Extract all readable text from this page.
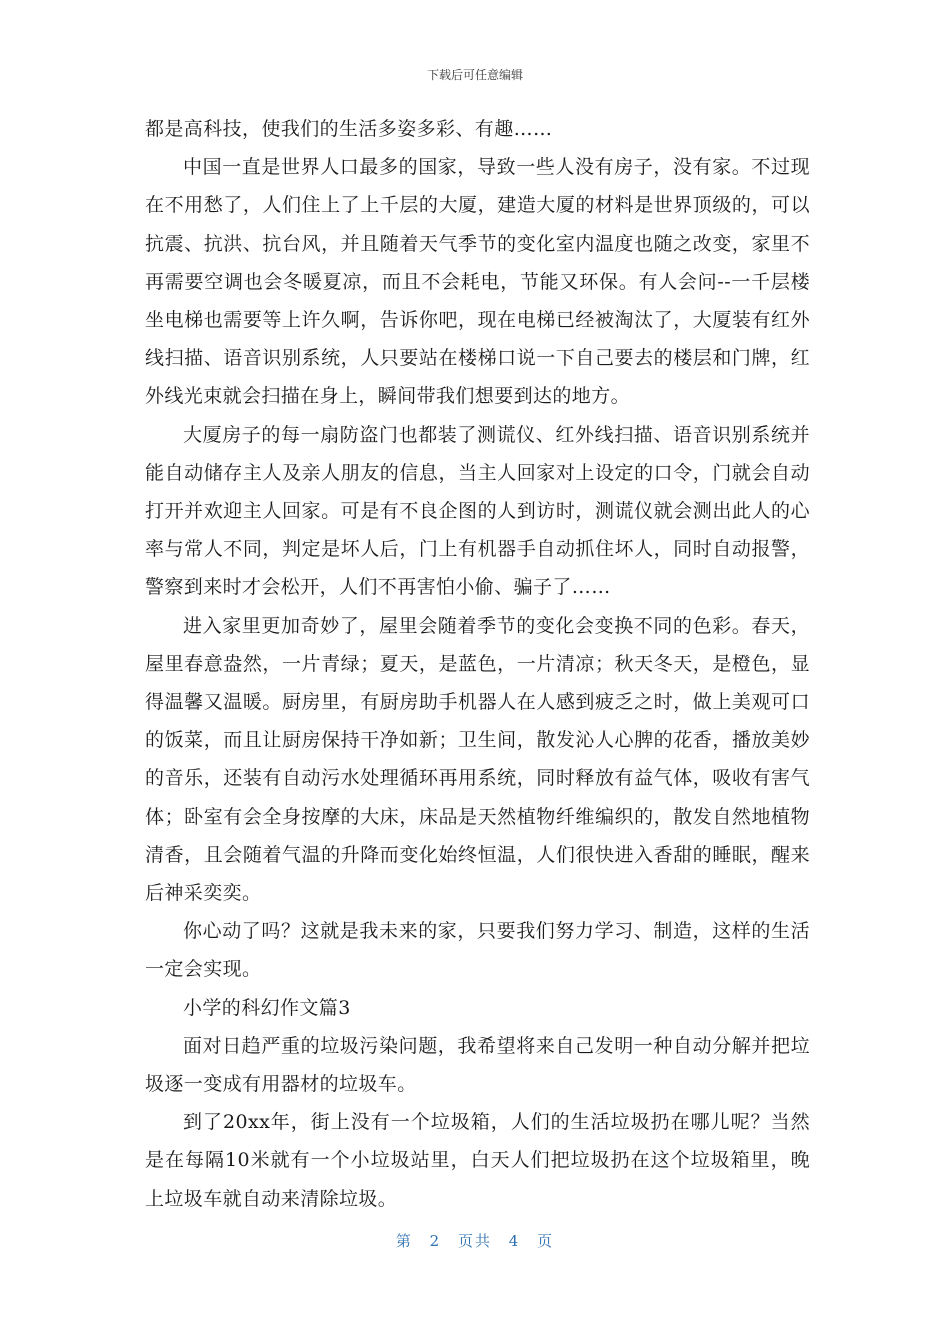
下载后可任意编辑

都是高科技，使我们的生活多姿多彩、有趣……

中国一直是世界人口最多的国家，导致一些人没有房子，没有家。不过现在不用愁了，人们住上了上千层的大厦，建造大厦的材料是世界顶级的，可以抗震、抗洪、抗台风，并且随着天气季节的变化室内温度也随之改变，家里不再需要空调也会冬暖夏凉，而且不会耗电，节能又环保。有人会问--一千层楼坐电梯也需要等上许久啊，告诉你吧，现在电梯已经被淘汰了，大厦装有红外线扫描、语音识别系统，人只要站在楼梯口说一下自己要去的楼层和门牌，红外线光束就会扫描在身上，瞬间带我们想要到达的地方。

大厦房子的每一扇防盗门也都装了测谎仪、红外线扫描、语音识别系统并能自动储存主人及亲人朋友的信息，当主人回家对上设定的口令，门就会自动打开并欢迎主人回家。可是有不良企图的人到访时，测谎仪就会测出此人的心率与常人不同，判定是坏人后，门上有机器手自动抓住坏人，同时自动报警，警察到来时才会松开，人们不再害怕小偷、骗子了……

进入家里更加奇妙了，屋里会随着季节的变化会变换不同的色彩。春天，屋里春意盎然，一片青绿；夏天，是蓝色，一片清凉；秋天冬天，是橙色，显得温馨又温暖。厨房里，有厨房助手机器人在人感到疲乏之时，做上美观可口的饭菜，而且让厨房保持干净如新；卫生间，散发沁人心脾的花香，播放美妙的音乐，还装有自动污水处理循环再用系统，同时释放有益气体，吸收有害气体；卧室有会全身按摩的大床，床品是天然植物纤维编织的，散发自然地植物清香，且会随着气温的升降而变化始终恒温，人们很快进入香甜的睡眠，醒来后神采奕奕。

你心动了吗？这就是我未来的家，只要我们努力学习、制造，这样的生活一定会实现。

小学的科幻作文篇3

面对日趋严重的垃圾污染问题，我希望将来自己发明一种自动分解并把垃圾逐一变成有用器材的垃圾车。

到了20xx年，街上没有一个垃圾箱，人们的生活垃圾扔在哪儿呢？当然是在每隔10米就有一个小垃圾站里，白天人们把垃圾扔在这个垃圾箱里，晚上垃圾车就自动来清除垃圾。

第 2 页共 4 页
